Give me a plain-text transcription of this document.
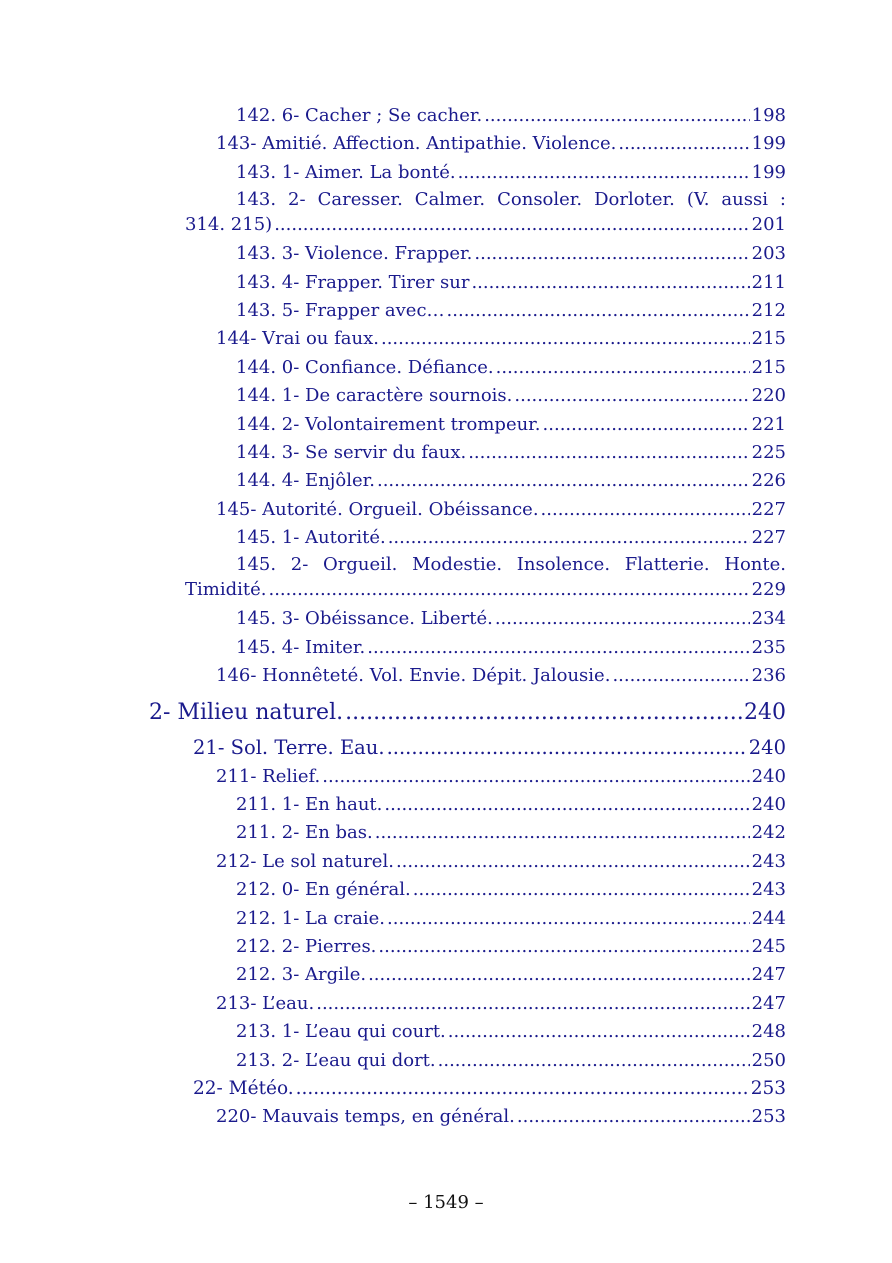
142. 6- Cacher ; Se cacher. .....	198
143- Amitié. Affection. Antipathie. Violence. .....	199
143. 1- Aimer. La bonté. .....	199
143. 2- Caresser. Calmer. Consoler. Dorloter. (V. aussi :
314. 215) .....	201
143. 3- Violence. Frapper. .....	203
143. 4- Frapper. Tirer sur .....	211
143. 5- Frapper avec… .....	212
144- Vrai ou faux. .....	215
144. 0- Confiance. Défiance. .....	215
144. 1- De caractère sournois. .....	220
144. 2- Volontairement trompeur. .....	221
144. 3- Se servir du faux. .....	225
144. 4- Enjôler. .....	226
145- Autorité. Orgueil. Obéissance. .....	227
145. 1- Autorité. .....	227
145. 2- Orgueil. Modestie. Insolence. Flatterie. Honte.
Timidité. .....	229
145. 3- Obéissance. Liberté. .....	234
145. 4- Imiter. .....	235
146- Honnêteté. Vol. Envie. Dépit. Jalousie. .....	236
2- Milieu naturel. .....	240
21- Sol. Terre. Eau. .....	240
211- Relief. .....	240
211. 1- En haut. .....	240
211. 2- En bas. .....	242
212- Le sol naturel. .....	243
212. 0- En général. .....	243
212. 1- La craie. .....	244
212. 2- Pierres. .....	245
212. 3- Argile. .....	247
213- L’eau. .....	247
213. 1- L’eau qui court. .....	248
213. 2- L’eau qui dort. .....	250
22- Météo. .....	253
220- Mauvais temps, en général. .....	253
– 1549 –
